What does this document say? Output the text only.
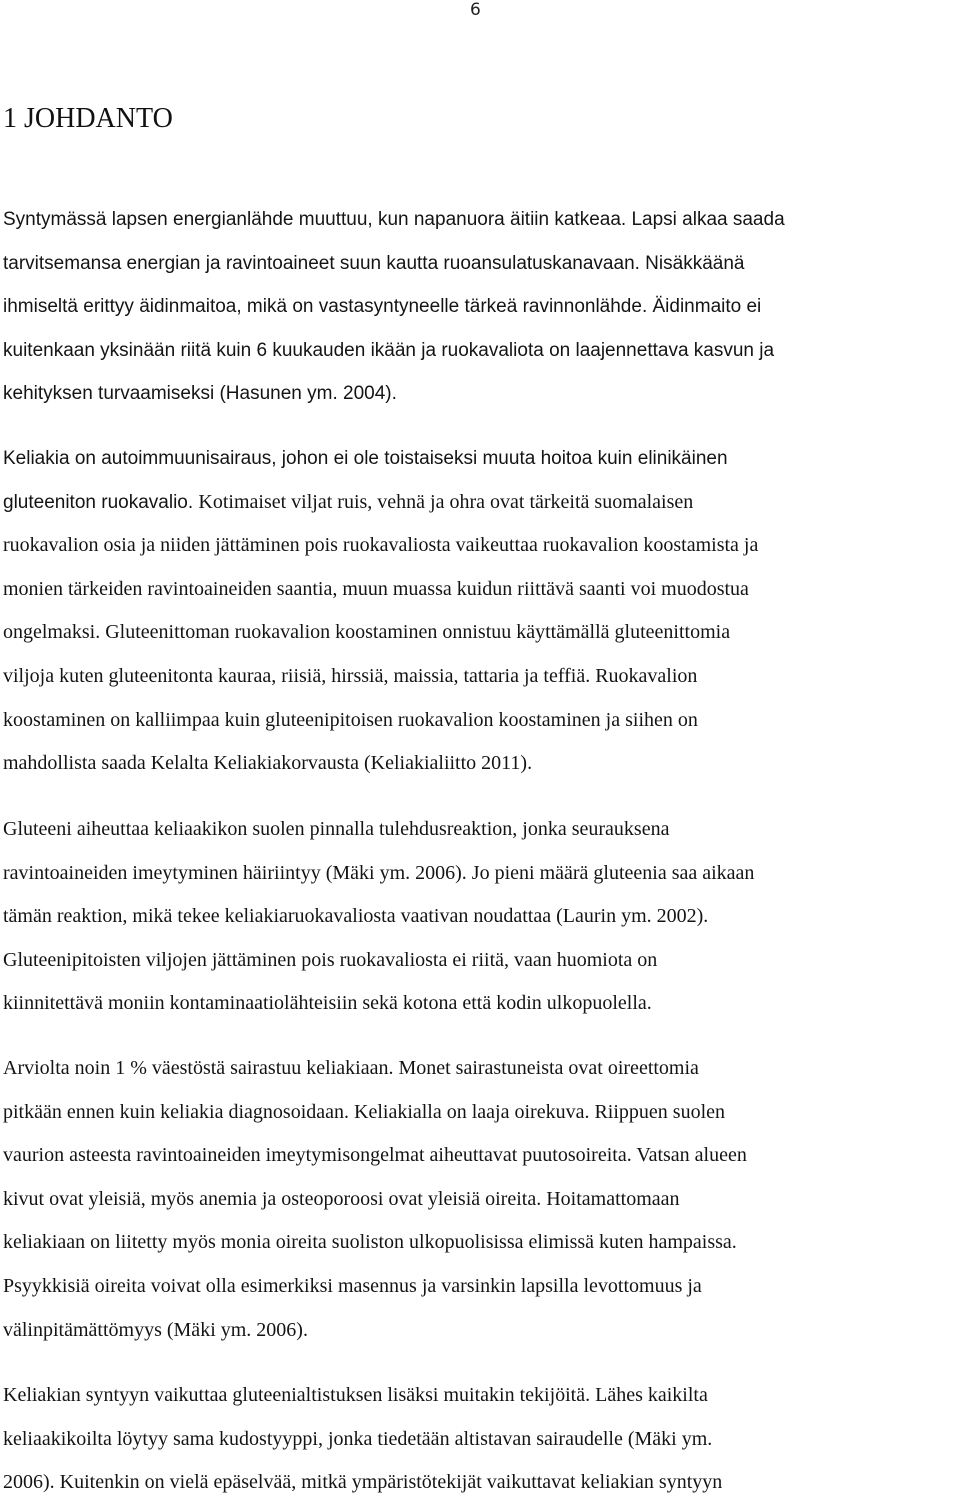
6
1 JOHDANTO

Syntymässä lapsen energianlähde muuttuu, kun napanuora äitiin katkeaa. Lapsi alkaa saada
tarvitsemansa energian ja ravintoaineet suun kautta ruoansulatuskanavaan. Nisäkkäänä
ihmiseltä erittyy äidinmaitoa, mikä on vastasyntyneelle tärkeä ravinnonlähde. Äidinmaito ei
kuitenkaan yksinään riitä kuin 6 kuukauden ikään ja ruokavaliota on laajennettava kasvun ja
kehityksen turvaamiseksi (Hasunen ym. 2004).

Keliakia on autoimmuunisairaus, johon ei ole toistaiseksi muuta hoitoa kuin elinikäinen
gluteeniton ruokavalio. Kotimaiset viljat ruis, vehnä ja ohra ovat tärkeitä suomalaisen
ruokavalion osia ja niiden jättäminen pois ruokavaliosta vaikeuttaa ruokavalion koostamista ja
monien tärkeiden ravintoaineiden saantia, muun muassa kuidun riittävä saanti voi muodostua
ongelmaksi. Gluteenittoman ruokavalion koostaminen onnistuu käyttämällä gluteenittomia
viljoja kuten gluteenitonta kauraa, riisiä, hirssiä, maissia, tattaria ja teffiä. Ruokavalion
koostaminen on kalliimpaa kuin gluteenipitoisen ruokavalion koostaminen ja siihen on
mahdollista saada Kelalta Keliakiakorvausta (Keliakialiitto 2011).

Gluteeni aiheuttaa keliaakikon suolen pinnalla tulehdusreaktion, jonka seurauksena
ravintoaineiden imeytyminen häiriintyy (Mäki ym. 2006). Jo pieni määrä gluteenia saa aikaan
tämän reaktion, mikä tekee keliakiaruokavaliosta vaativan noudattaa (Laurin ym. 2002).
Gluteenipitoisten viljojen jättäminen pois ruokavaliosta ei riitä, vaan huomiota on
kiinnitettävä moniin kontaminaatiolähteisiin sekä kotona että kodin ulkopuolella.

Arviolta noin 1 % väestöstä sairastuu keliakiaan. Monet sairastuneista ovat oireettomia
pitkään ennen kuin keliakia diagnosoidaan. Keliakialla on laaja oirekuva. Riippuen suolen
vaurion asteesta ravintoaineiden imeytymisongelmat aiheuttavat puutosoireita. Vatsan alueen
kivut ovat yleisiä, myös anemia ja osteoporoosi ovat yleisiä oireita. Hoitamattomaan
keliakiaan on liitetty myös monia oireita suoliston ulkopuolisissa elimissä kuten hampaissa.
Psyykkisiä oireita voivat olla esimerkiksi masennus ja varsinkin lapsilla levottomuus ja
välinpitämättömyys (Mäki ym. 2006).

Keliakian syntyyn vaikuttaa gluteenialtistuksen lisäksi muitakin tekijöitä. Lähes kaikilta
keliaakikoilta löytyy sama kudostyyppi, jonka tiedetään altistavan sairaudelle (Mäki ym.
2006). Kuitenkin on vielä epäselvää, mitkä ympäristötekijät vaikuttavat keliakian syntyyn
